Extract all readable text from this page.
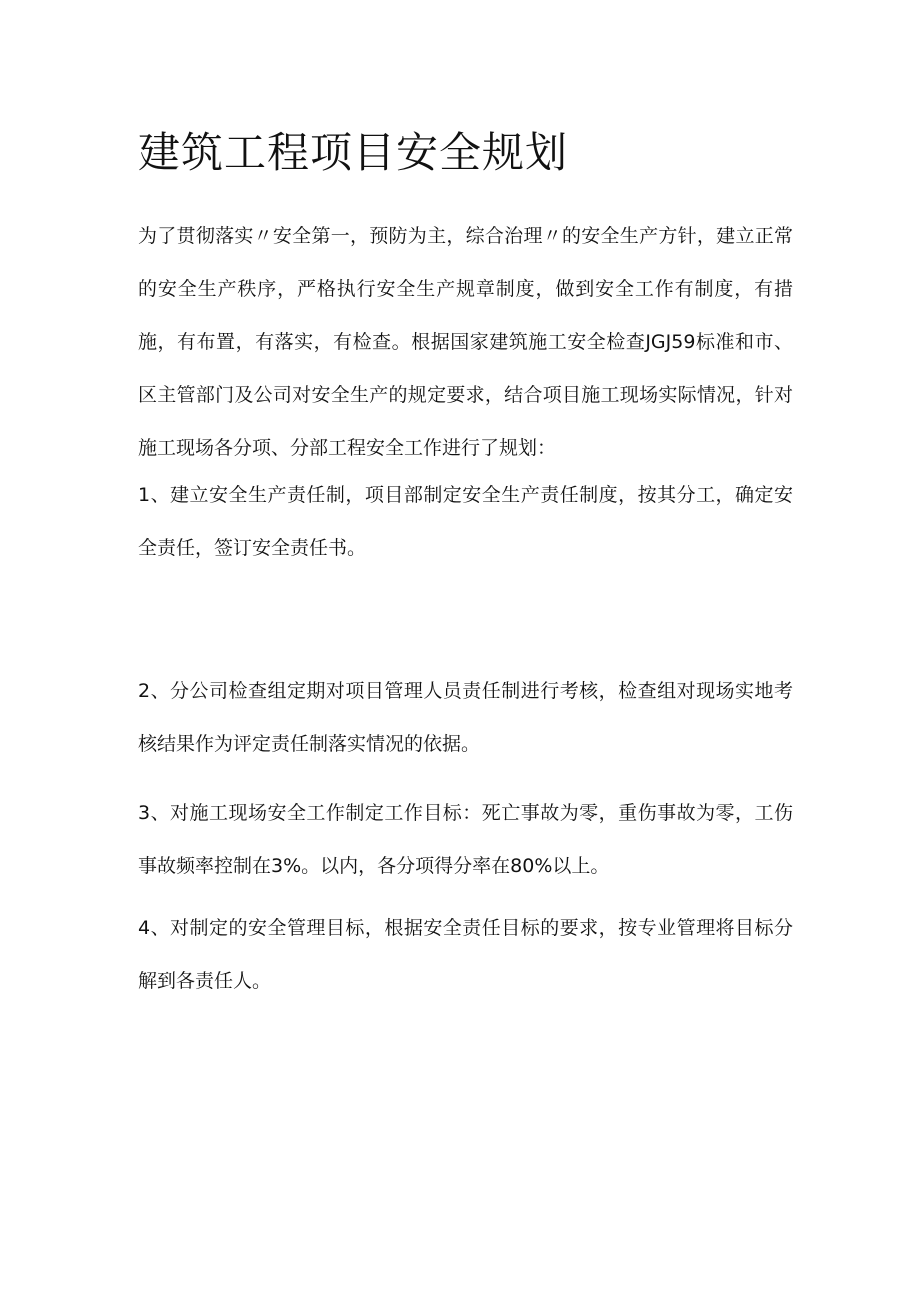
建筑工程项目安全规划

为了贯彻落实〃安全第一，预防为主，综合治理〃的安全生产方针，建立正常的安全生产秩序，严格执行安全生产规章制度，做到安全工作有制度，有措施，有布置，有落实，有检查。根据国家建筑施工安全检查JGJ59标准和市、区主管部门及公司对安全生产的规定要求，结合项目施工现场实际情况，针对施工现场各分项、分部工程安全工作进行了规划：

1、建立安全生产责任制，项目部制定安全生产责任制度，按其分工，确定安全责任，签订安全责任书。

2、分公司检查组定期对项目管理人员责任制进行考核，检查组对现场实地考核结果作为评定责任制落实情况的依据。

3、对施工现场安全工作制定工作目标：死亡事故为零，重伤事故为零，工伤事故频率控制在3%。以内，各分项得分率在80%以上。

4、对制定的安全管理目标，根据安全责任目标的要求，按专业管理将目标分解到各责任人。
